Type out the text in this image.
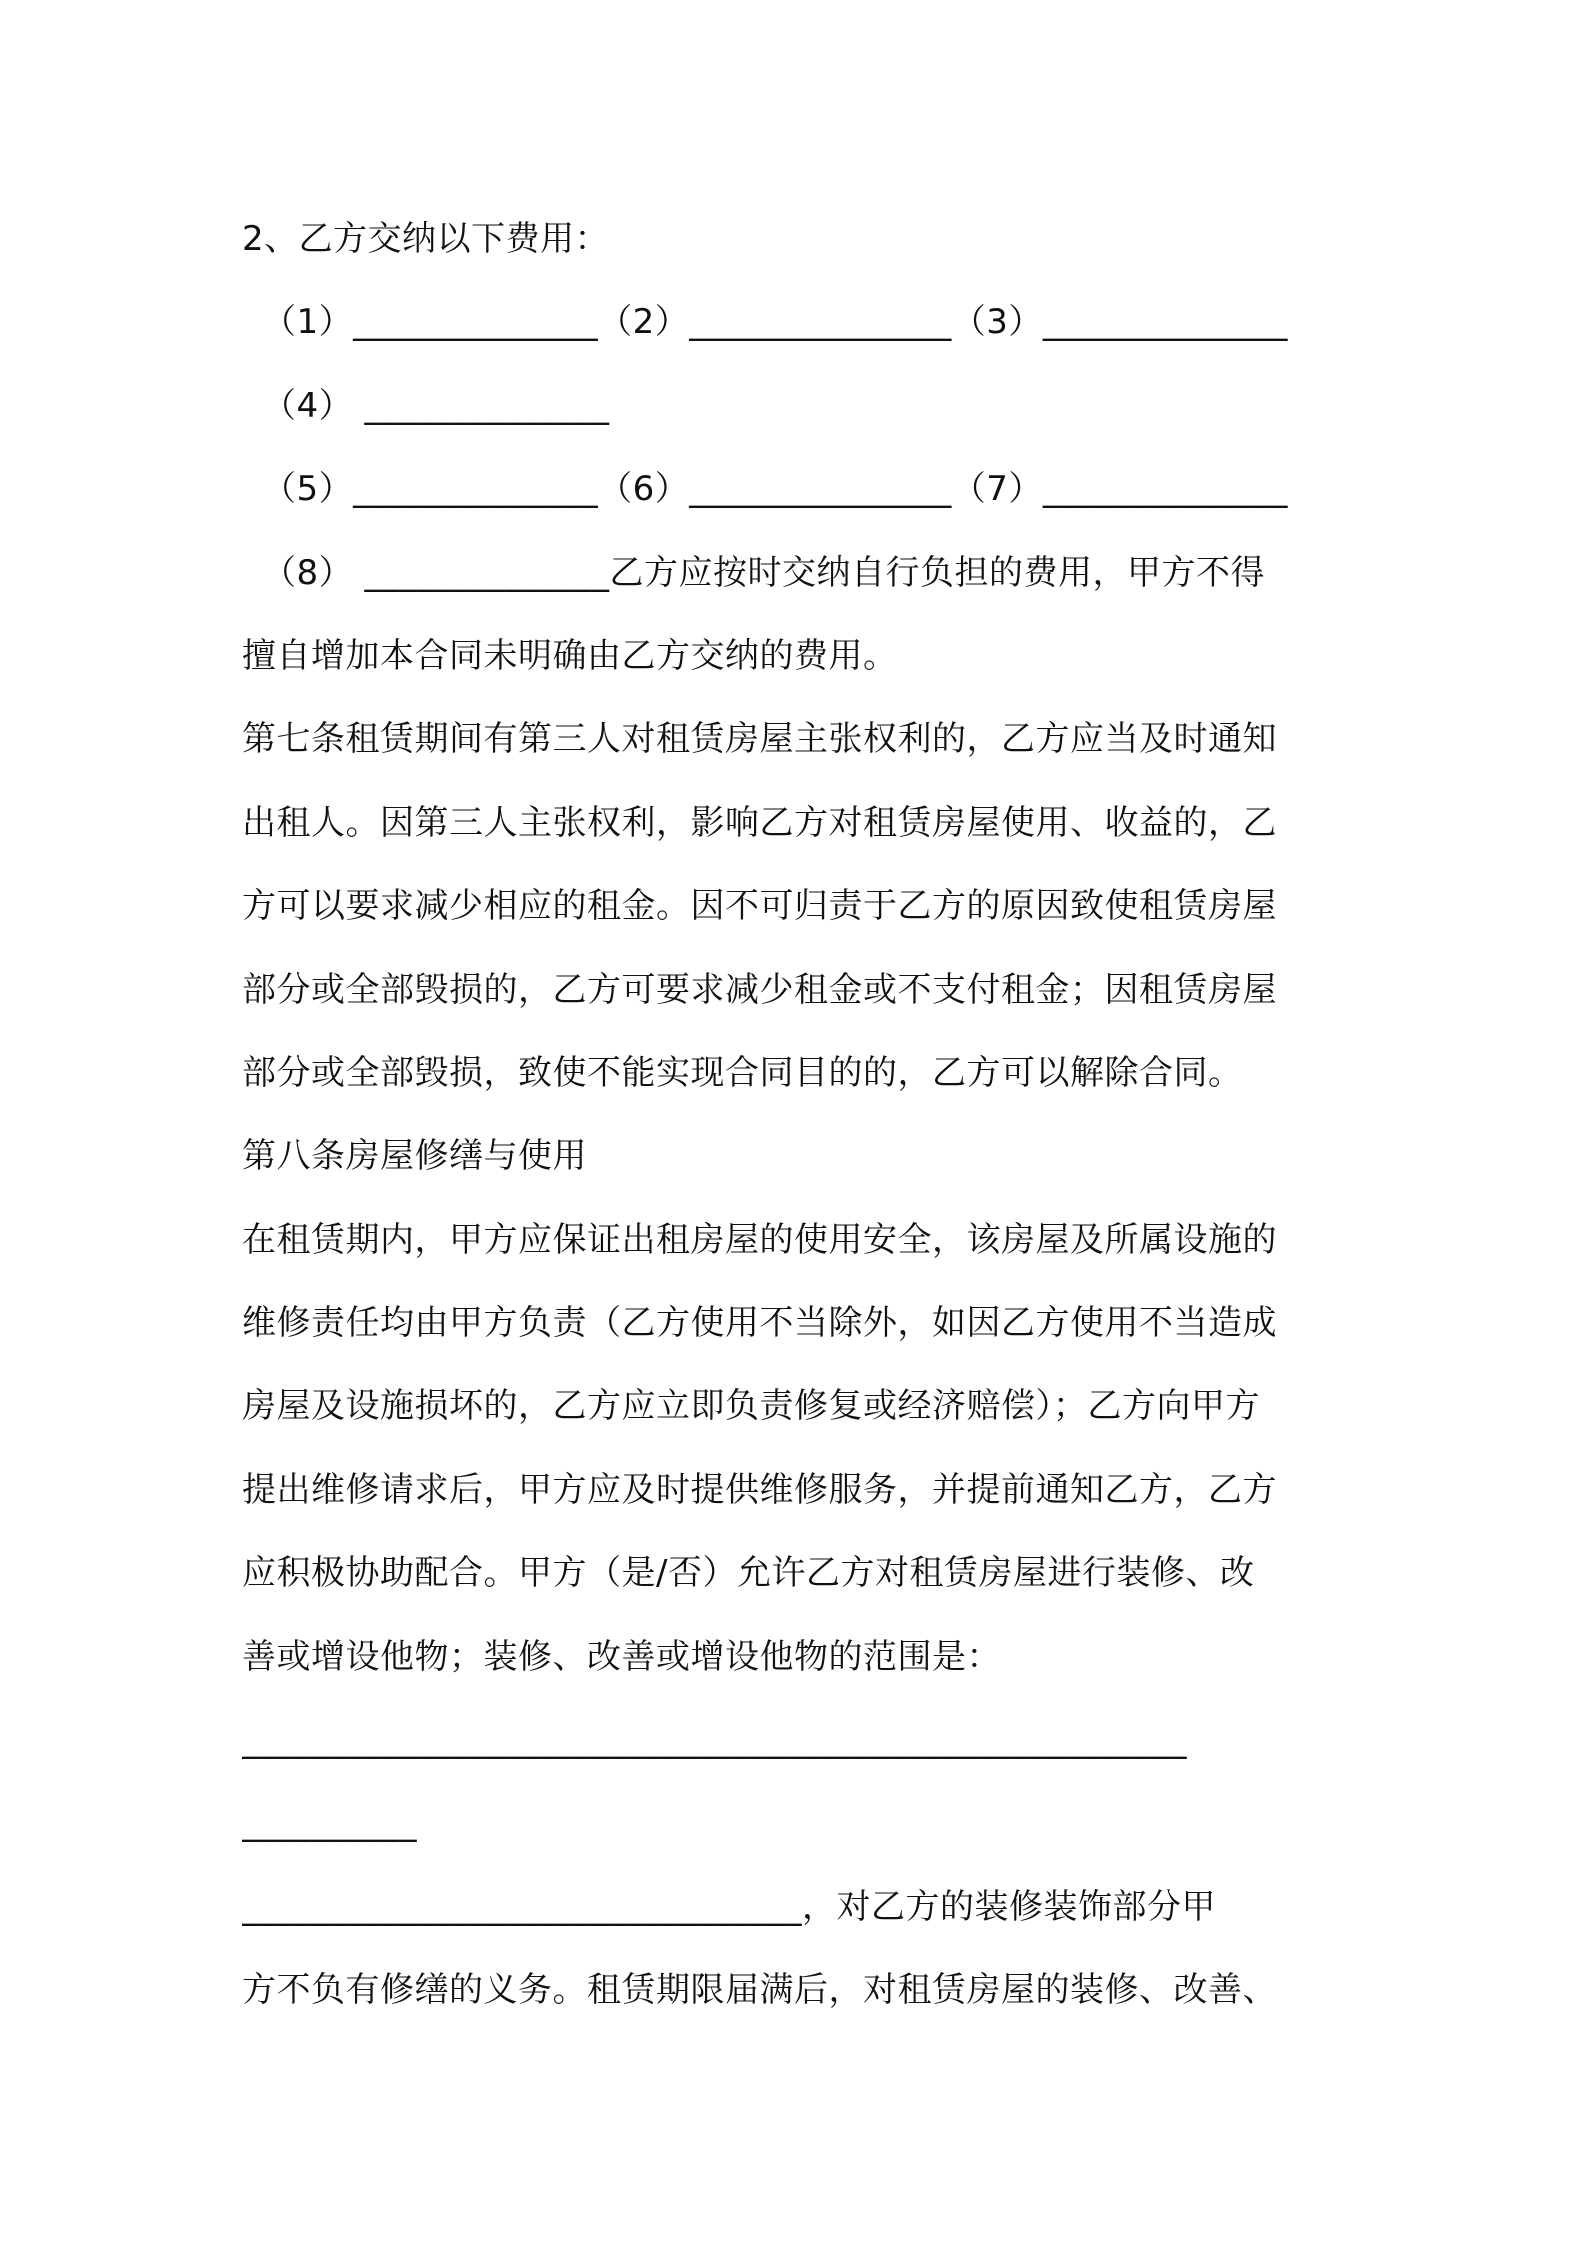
2、乙方交纳以下费用：
（1）______________（2）_______________（3）______________
（4） ______________
（5）______________（6）_______________（7）______________
（8） ______________乙方应按时交纳自行负担的费用，甲方不得
擅自增加本合同未明确由乙方交纳的费用。
第七条租赁期间有第三人对租赁房屋主张权利的，乙方应当及时通知
出租人。因第三人主张权利，影响乙方对租赁房屋使用、收益的，乙
方可以要求减少相应的租金。因不可归责于乙方的原因致使租赁房屋
部分或全部毁损的，乙方可要求减少租金或不支付租金；因租赁房屋
部分或全部毁损，致使不能实现合同目的的，乙方可以解除合同。
第八条房屋修缮与使用
在租赁期内，甲方应保证出租房屋的使用安全，该房屋及所属设施的
维修责任均由甲方负责（乙方使用不当除外，如因乙方使用不当造成
房屋及设施损坏的，乙方应立即负责修复或经济赔偿）；乙方向甲方
提出维修请求后，甲方应及时提供维修服务，并提前通知乙方，乙方
应积极协助配合。甲方（是/否）允许乙方对租赁房屋进行装修、改
善或增设他物；装修、改善或增设他物的范围是：
______________________________________________________
__________
________________________________，对乙方的装修装饰部分甲
方不负有修缮的义务。租赁期限届满后，对租赁房屋的装修、改善、
